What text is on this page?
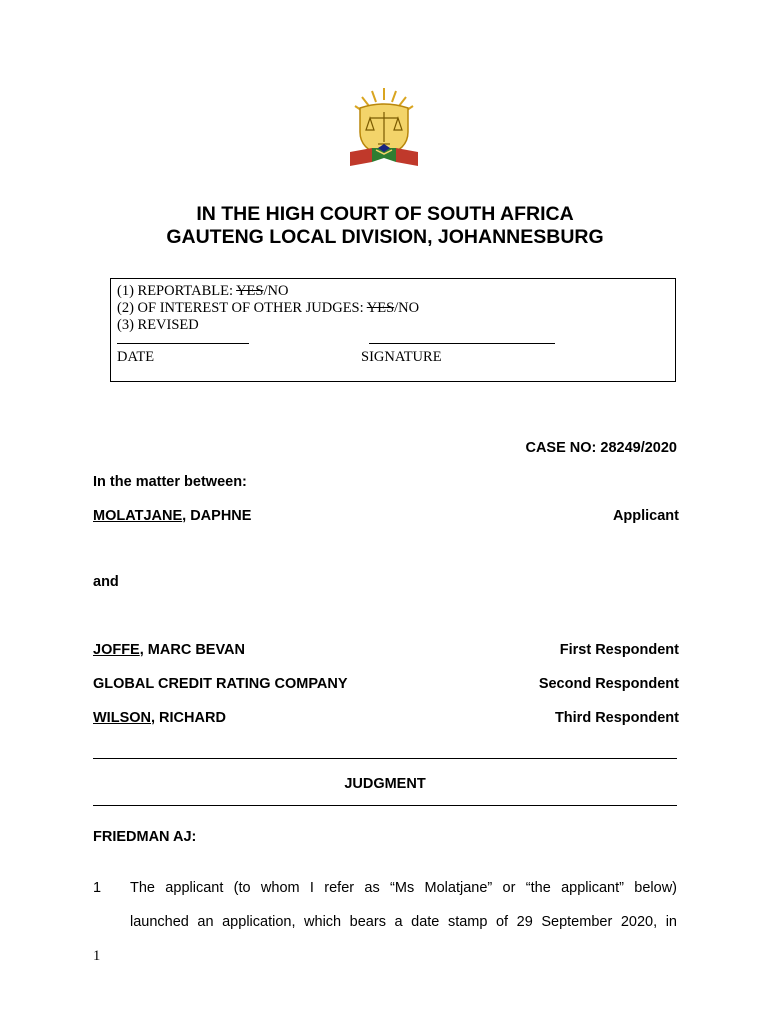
IN THE HIGH COURT OF SOUTH AFRICA
GAUTENG LOCAL DIVISION, JOHANNESBURG
(1) REPORTABLE: YES/NO
(2) OF INTEREST OF OTHER JUDGES: YES/NO
(3) REVISED
DATE	SIGNATURE
CASE NO: 28249/2020
In the matter between:
MOLATJANE, DAPHNE	Applicant
and
JOFFE, MARC BEVAN	First Respondent
GLOBAL CREDIT RATING COMPANY	Second Respondent
WILSON, RICHARD	Third Respondent
JUDGMENT
FRIEDMAN AJ:
1 The applicant (to whom I refer as “Ms Molatjane” or “the applicant” below)
launched an application, which bears a date stamp of 29 September 2020, in
1
